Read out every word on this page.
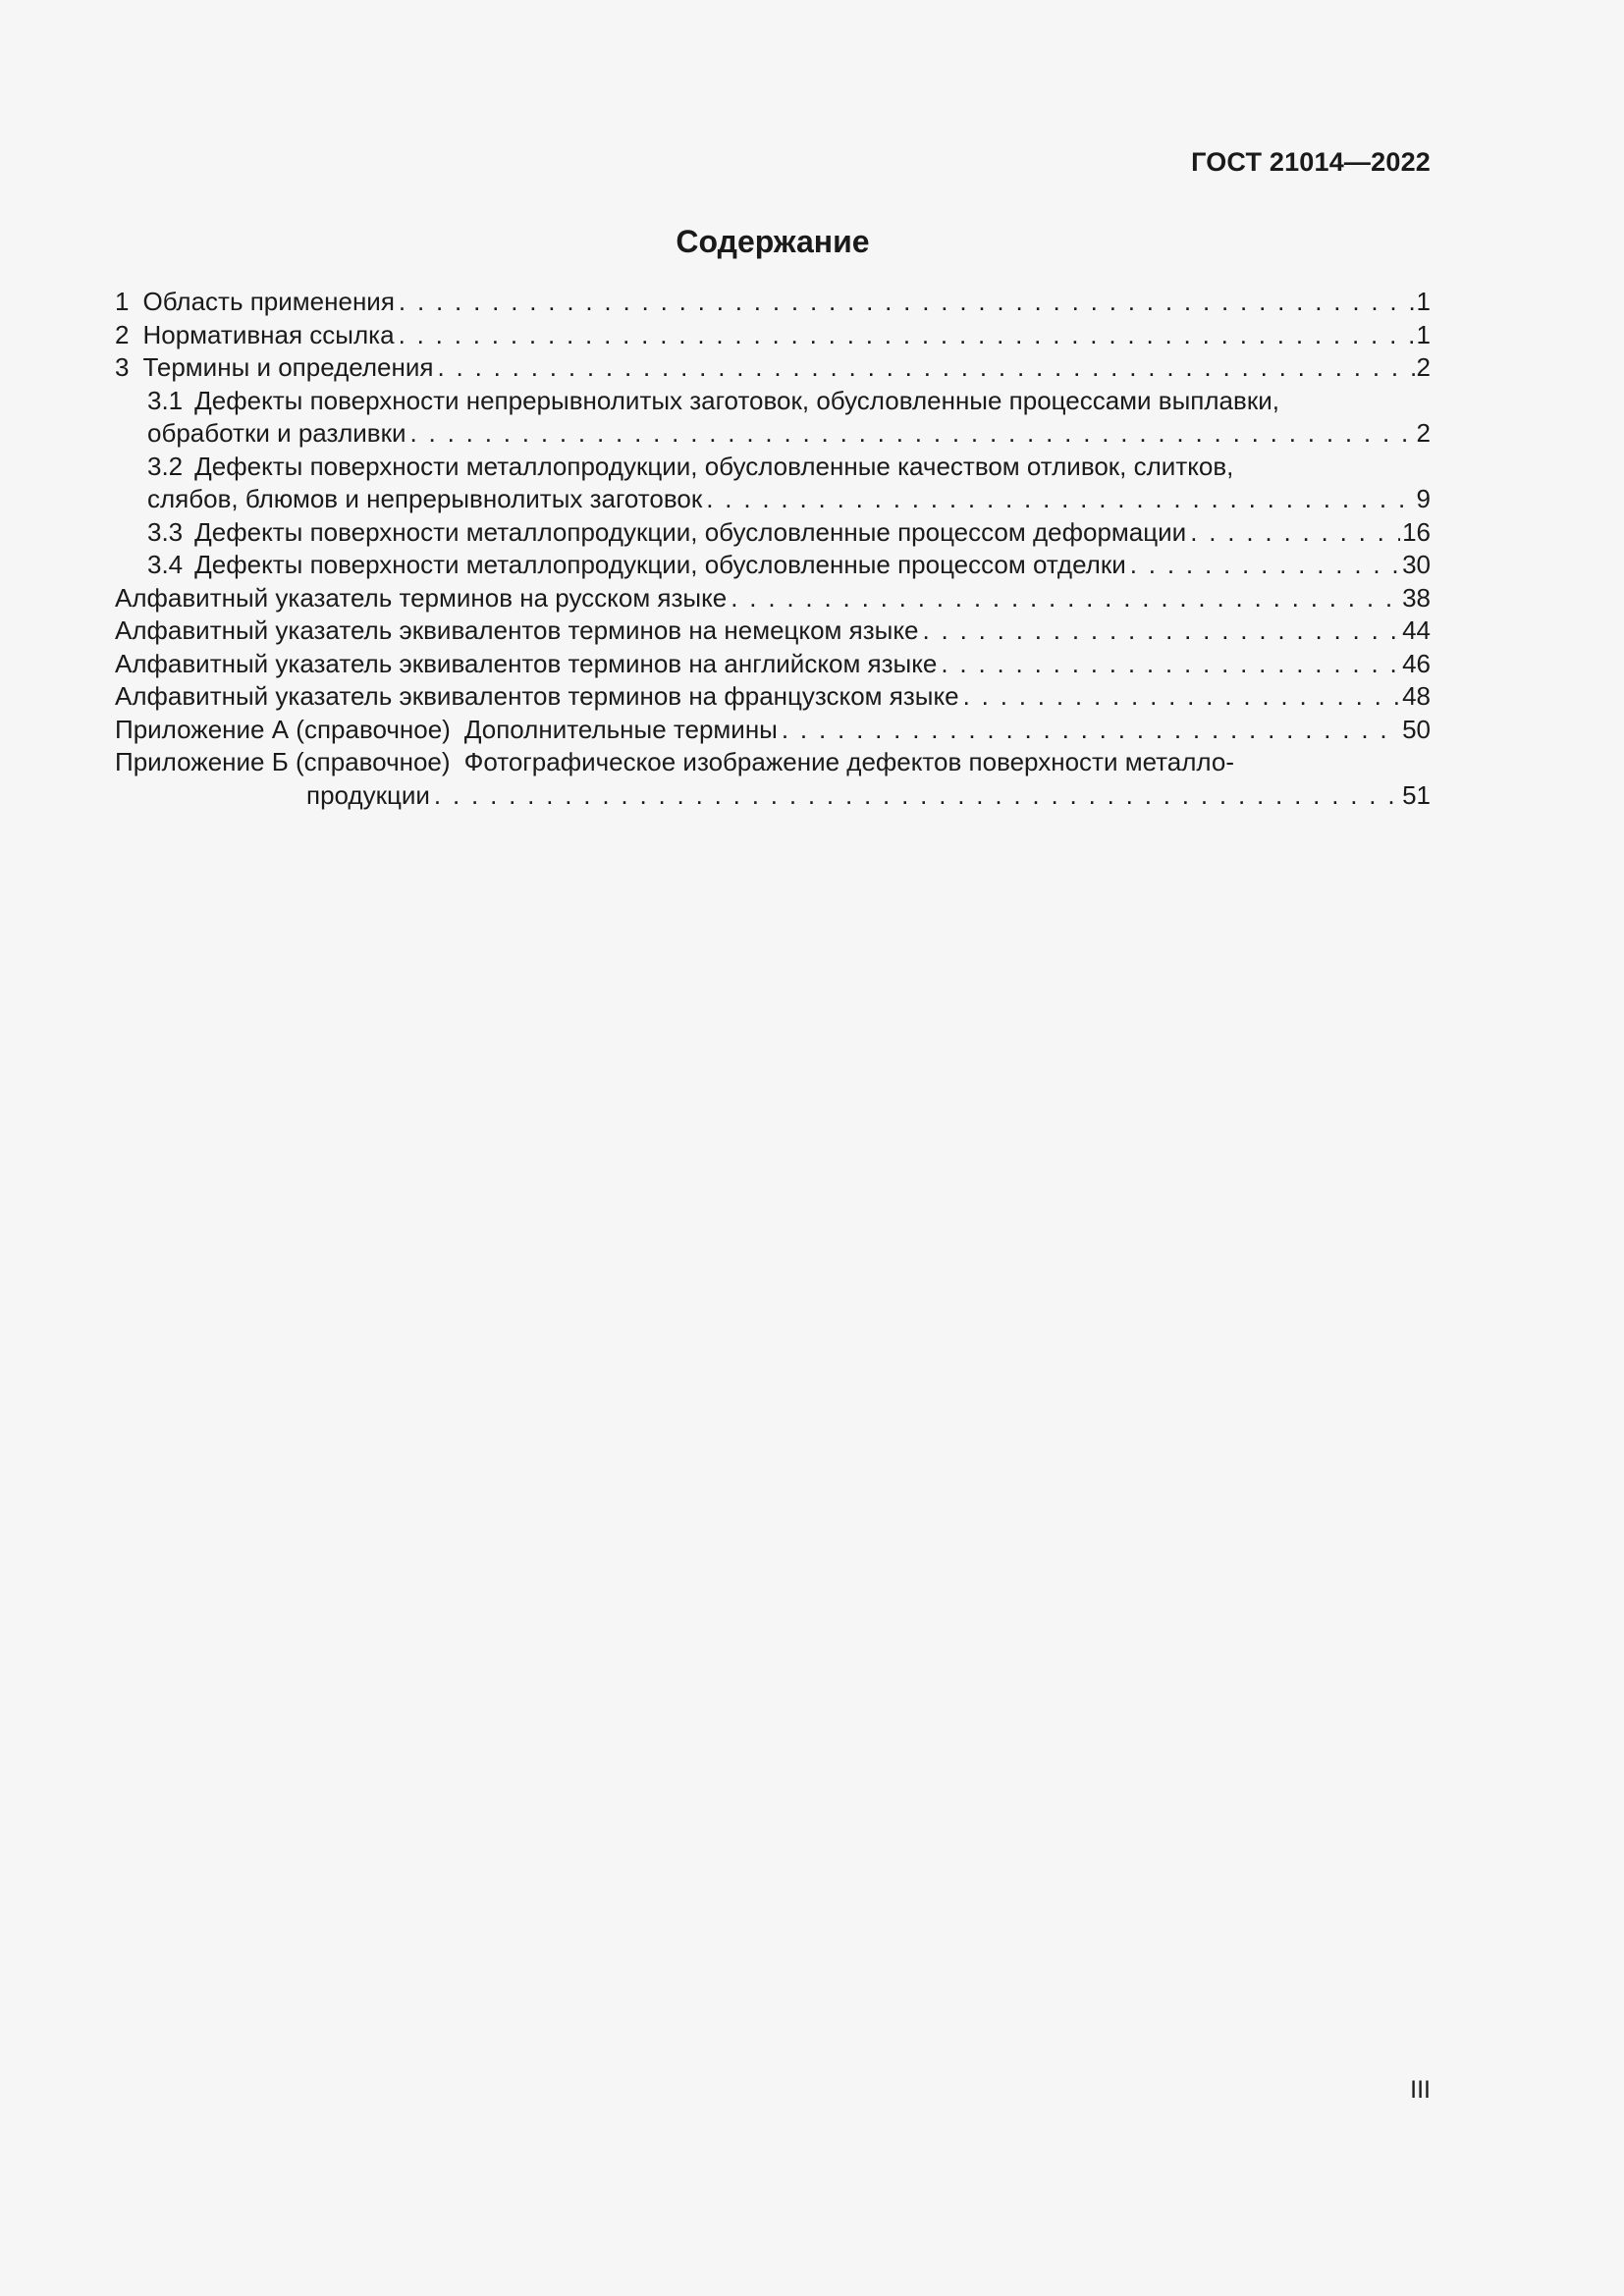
ГОСТ 21014—2022
Содержание
1 Область применения . . .	1
2 Нормативная ссылка . . .	1
3 Термины и определения . . .	2
3.1 Дефекты поверхности непрерывнолитых заготовок, обусловленные процессами выплавки,
обработки и разливки . . .	2
3.2 Дефекты поверхности металлопродукции, обусловленные качеством отливок, слитков,
слябов, блюмов и непрерывнолитых заготовок . . .	9
3.3 Дефекты поверхности металлопродукции, обусловленные процессом деформации . . .	16
3.4 Дефекты поверхности металлопродукции, обусловленные процессом отделки . . .	30
Алфавитный указатель терминов на русском языке . . .	38
Алфавитный указатель эквивалентов терминов на немецком языке . . .	44
Алфавитный указатель эквивалентов терминов на английском языке . . .	46
Алфавитный указатель эквивалентов терминов на французском языке . . .	48
Приложение А (справочное) Дополнительные термины . . .	50
Приложение Б (справочное) Фотографическое изображение дефектов поверхности металло-
продукции . . .	51
III
